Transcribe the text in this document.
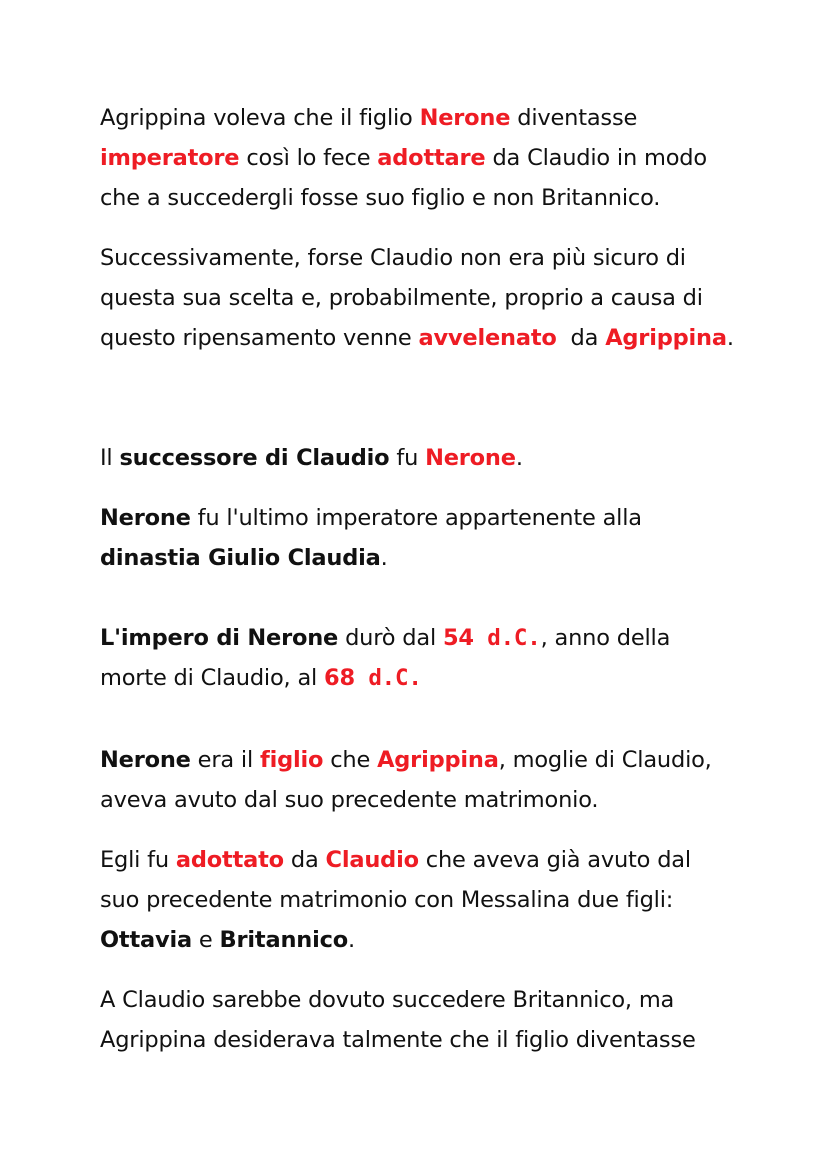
Agrippina voleva che il figlio Nerone diventasse
imperatore così lo fece adottare da Claudio in modo
che a succedergli fosse suo figlio e non Britannico.
Successivamente, forse Claudio non era più sicuro di
questa sua scelta e, probabilmente, proprio a causa di
questo ripensamento venne avvelenato  da Agrippina.
Il successore di Claudio fu Nerone.
Nerone fu l'ultimo imperatore appartenente alla
dinastia Giulio Claudia.
L'impero di Nerone durò dal 54 d.C., anno della
morte di Claudio, al 68 d.C.
Nerone era il figlio che Agrippina, moglie di Claudio,
aveva avuto dal suo precedente matrimonio.
Egli fu adottato da Claudio che aveva già avuto dal
suo precedente matrimonio con Messalina due figli:
Ottavia e Britannico.
A Claudio sarebbe dovuto succedere Britannico, ma
Agrippina desiderava talmente che il figlio diventasse
